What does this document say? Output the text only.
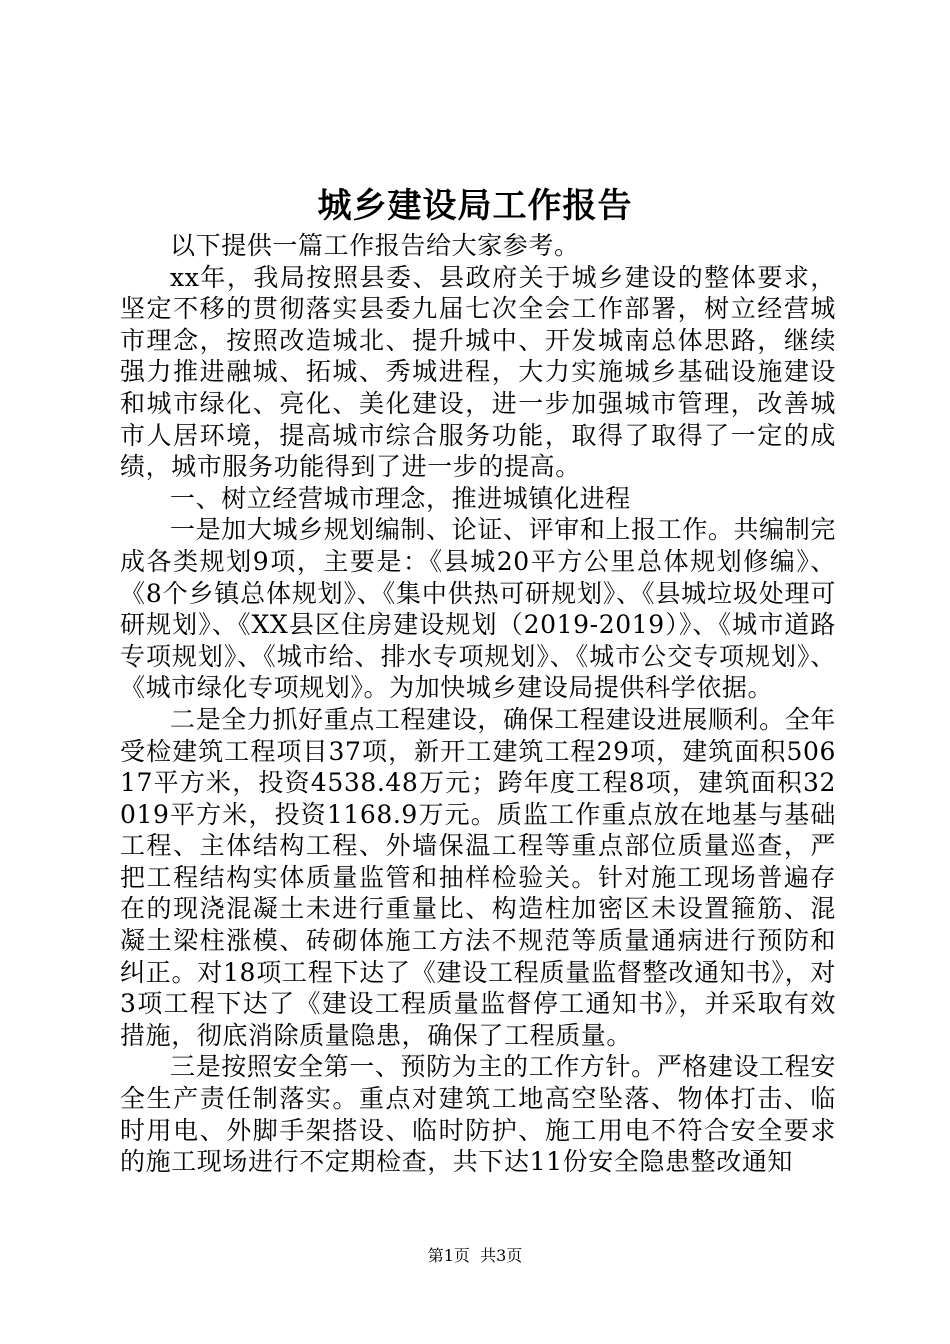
城乡建设局工作报告

以下提供一篇工作报告给大家参考。

xx年，我局按照县委、县政府关于城乡建设的整体要求，坚定不移的贯彻落实县委九届七次全会工作部署，树立经营城市理念，按照改造城北、提升城中、开发城南总体思路，继续强力推进融城、拓城、秀城进程，大力实施城乡基础设施建设和城市绿化、亮化、美化建设，进一步加强城市管理，改善城市人居环境，提高城市综合服务功能，取得了取得了一定的成绩，城市服务功能得到了进一步的提高。

一、树立经营城市理念，推进城镇化进程

一是加大城乡规划编制、论证、评审和上报工作。共编制完成各类规划9项，主要是：《县城20平方公里总体规划修编》、《8个乡镇总体规划》、《集中供热可研规划》、《县城垃圾处理可研规划》、《XX县区住房建设规划（2019-2019）》、《城市道路专项规划》、《城市给、排水专项规划》、《城市公交专项规划》、《城市绿化专项规划》。为加快城乡建设局提供科学依据。

二是全力抓好重点工程建设，确保工程建设进展顺利。全年受检建筑工程项目37项，新开工建筑工程29项，建筑面积50617平方米，投资4538.48万元；跨年度工程8项，建筑面积32019平方米，投资1168.9万元。质监工作重点放在地基与基础工程、主体结构工程、外墙保温工程等重点部位质量巡查，严把工程结构实体质量监管和抽样检验关。针对施工现场普遍存在的现浇混凝土未进行重量比、构造柱加密区未设置箍筋、混凝土梁柱涨模、砖砌体施工方法不规范等质量通病进行预防和纠正。对18项工程下达了《建设工程质量监督整改通知书》，对3项工程下达了《建设工程质量监督停工通知书》，并采取有效措施，彻底消除质量隐患，确保了工程质量。

三是按照安全第一、预防为主的工作方针。严格建设工程安全生产责任制落实。重点对建筑工地高空坠落、物体打击、临时用电、外脚手架搭设、临时防护、施工用电不符合安全要求的施工现场进行不定期检查，共下达11份安全隐患整改通知

第1页 共3页
